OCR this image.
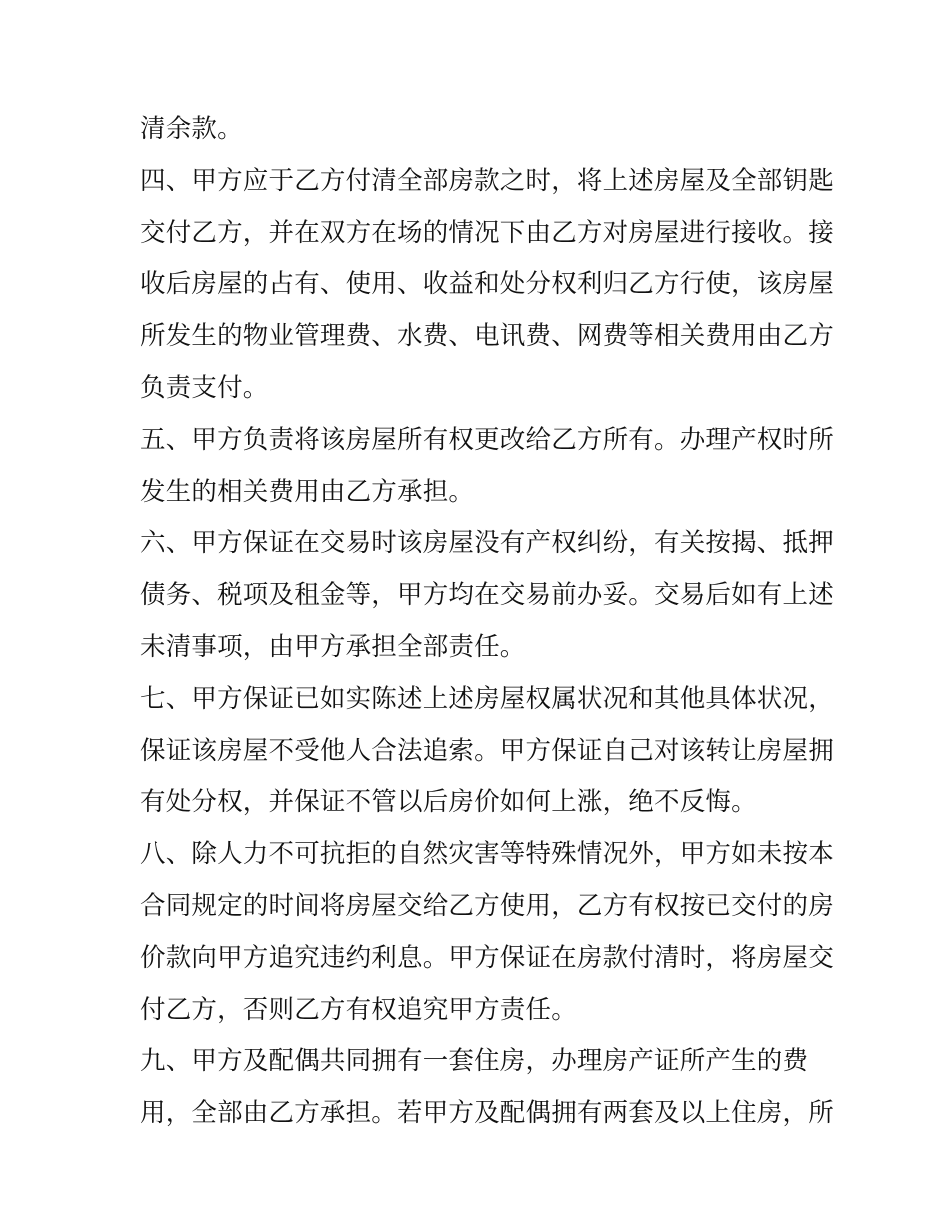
清余款。
四、甲方应于乙方付清全部房款之时，将上述房屋及全部钥匙
交付乙方，并在双方在场的情况下由乙方对房屋进行接收。接
收后房屋的占有、使用、收益和处分权利归乙方行使，该房屋
所发生的物业管理费、水费、电讯费、网费等相关费用由乙方
负责支付。
五、甲方负责将该房屋所有权更改给乙方所有。办理产权时所
发生的相关费用由乙方承担。
六、甲方保证在交易时该房屋没有产权纠纷，有关按揭、抵押
债务、税项及租金等，甲方均在交易前办妥。交易后如有上述
未清事项，由甲方承担全部责任。
七、甲方保证已如实陈述上述房屋权属状况和其他具体状况，
保证该房屋不受他人合法追索。甲方保证自己对该转让房屋拥
有处分权，并保证不管以后房价如何上涨，绝不反悔。
八、除人力不可抗拒的自然灾害等特殊情况外，甲方如未按本
合同规定的时间将房屋交给乙方使用，乙方有权按已交付的房
价款向甲方追究违约利息。甲方保证在房款付清时，将房屋交
付乙方，否则乙方有权追究甲方责任。
九、甲方及配偶共同拥有一套住房，办理房产证所产生的费
用，全部由乙方承担。若甲方及配偶拥有两套及以上住房，所
